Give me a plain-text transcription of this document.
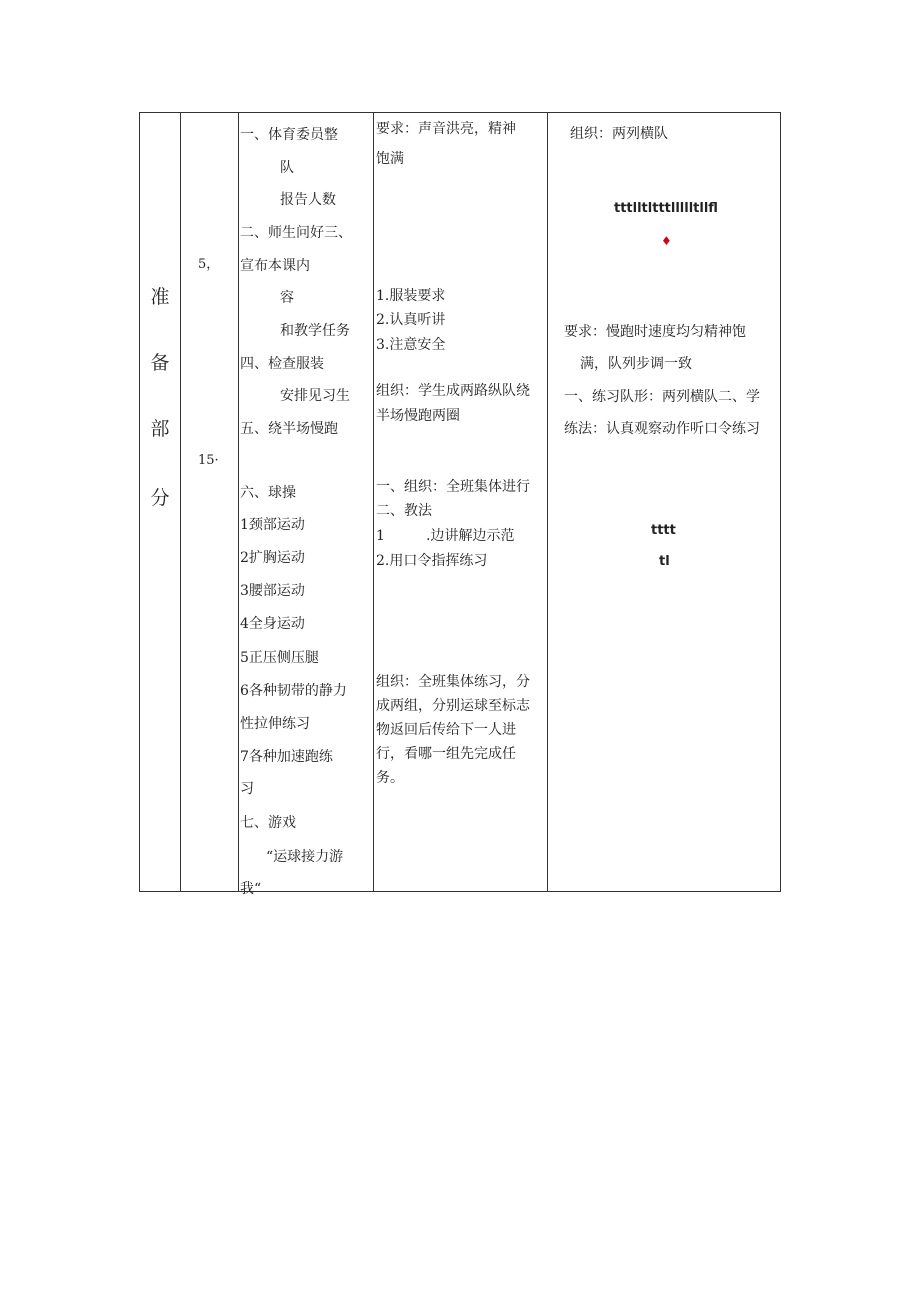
准
备
部
分
5，
15·
一、体育委员整
队
报告人数
二、师生问好三、
宣布本课内
容
和教学任务
四、检查服装
安排见习生
五、绕半场慢跑
六、球操
1颈部运动
2扩胸运动
3腰部运动
4全身运动
5正压侧压腿
6各种韧带的静力
性拉伸练习
7各种加速跑练
习
七、游戏
“运球接力游
我“
要求：声音洪亮，精神
饱满
1.服装要求
2.认真听讲
3.注意安全
组织：学生成两路纵队绕
半场慢跑两圈
一、组织：全班集体进行
二、教法
1	.边讲解边示范
2.用口令指挥练习
组织：全班集体练习，分
成两组，分别运球至标志
物返回后传给下一人进
行，看哪一组先完成任
务。
组织：两列横队
tttlltltttllllltllfl
♦
要求：慢跑时速度均匀精神饱
满，队列步调一致
一、练习队形：两列横队二、学
练法：认真观察动作听口令练习
tttt
tl
